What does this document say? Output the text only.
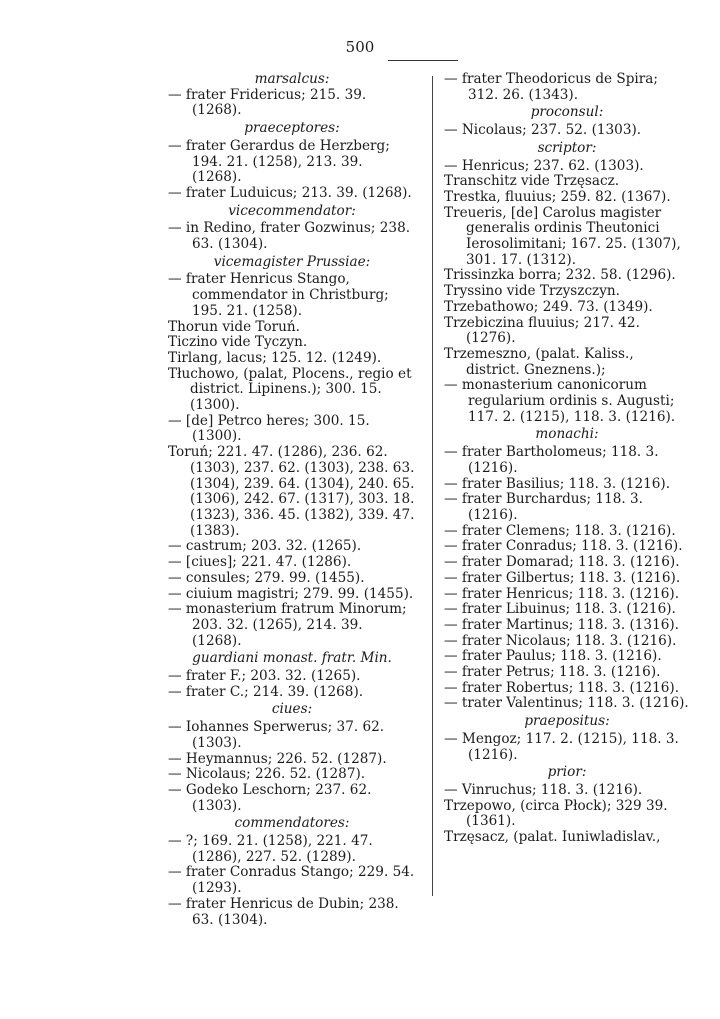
500

marsalcus:

— frater Fridericus; 215. 39. (1268).

praeceptores:

— frater Gerardus de Herzberg; 194. 21. (1258), 213. 39. (1268).

— frater Luduicus; 213. 39. (1268).

vicecommendator:

— in Redino, frater Gozwinus; 238. 63. (1304).

vicemagister Prussiae:

— frater Henricus Stango, commendator in Christburg; 195. 21. (1258).

Thorun vide Toruń.

Ticzino vide Tyczyn.

Tirlang, lacus; 125. 12. (1249).

Tłuchowo, (palat, Plocens., regio et district. Lipinens.); 300. 15. (1300).

— [de] Petrco heres; 300. 15. (1300).

Toruń; 221. 47. (1286), 236. 62. (1303), 237. 62. (1303), 238. 63. (1304), 239. 64. (1304), 240. 65. (1306), 242. 67. (1317), 303. 18. (1323), 336. 45. (1382), 339. 47. (1383).

— castrum; 203. 32. (1265).

— [ciues]; 221. 47. (1286).

— consules; 279. 99. (1455).

— ciuium magistri; 279. 99. (1455).

— monasterium fratrum Minorum; 203. 32. (1265), 214. 39. (1268).

guardiani monast. fratr. Min.

— frater F.; 203. 32. (1265).

— frater C.; 214. 39. (1268).

ciues:

— Iohannes Sperwerus; 37. 62. (1303).

— Heymannus; 226. 52. (1287).

— Nicolaus; 226. 52. (1287).

— Godeko Leschorn; 237. 62. (1303).

commendatores:

— ?; 169. 21. (1258), 221. 47. (1286), 227. 52. (1289).

— frater Conradus Stango; 229. 54. (1293).

— frater Henricus de Dubin; 238. 63. (1304).

— frater Theodoricus de Spira; 312. 26. (1343).

proconsul:

— Nicolaus; 237. 52. (1303).

scriptor:

— Henricus; 237. 62. (1303).

Transchitz vide Trzęsacz.

Trestka, fluuius; 259. 82. (1367).

Treueris, [de] Carolus magister generalis ordinis Theutonici Ierosolimitani; 167. 25. (1307), 301. 17. (1312).

Trissinzka borra; 232. 58. (1296).

Tryssino vide Trzyszczyn.

Trzebathowo; 249. 73. (1349).

Trzebiczina fluuius; 217. 42. (1276).

Trzemeszno, (palat. Kaliss., district. Gneznens.);

— monasterium canonicorum regularium ordinis s. Augusti; 117. 2. (1215), 118. 3. (1216).

monachi:

— frater Bartholomeus; 118. 3. (1216).

— frater Basilius; 118. 3. (1216).

— frater Burchardus; 118. 3. (1216).

— frater Clemens; 118. 3. (1216).

— frater Conradus; 118. 3. (1216).

— frater Domarad; 118. 3. (1216).

— frater Gilbertus; 118. 3. (1216).

— frater Henricus; 118. 3. (1216).

— frater Libuinus; 118. 3. (1216).

— frater Martinus; 118. 3. (1316).

— frater Nicolaus; 118. 3. (1216).

— frater Paulus; 118. 3. (1216).

— frater Petrus; 118. 3. (1216).

— frater Robertus; 118. 3. (1216).

— trater Valentinus; 118. 3. (1216).

praepositus:

— Mengoz; 117. 2. (1215), 118. 3. (1216).

prior:

— Vinruchus; 118. 3. (1216).

Trzepowo, (circa Płock); 329 39. (1361).

Trzęsacz, (palat. Iuniwladislav.,
